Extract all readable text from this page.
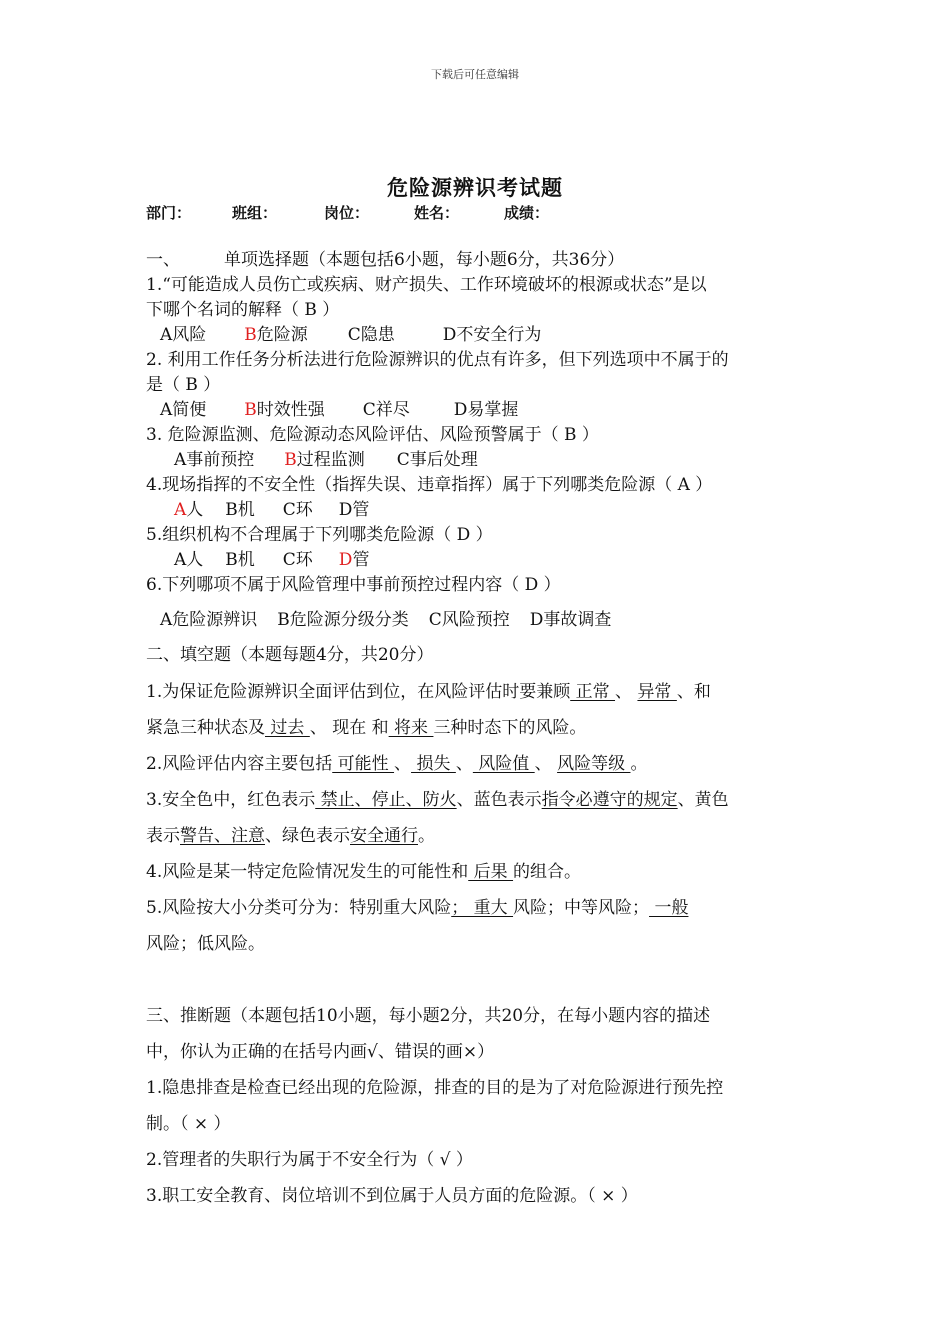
下载后可任意编辑
危险源辨识考试题
部门：	班组：	岗位：	姓名：	成绩：
一、	单项选择题（本题包括6小题，每小题6分，共36分）
1.“可能造成人员伤亡或疾病、财产损失、工作环境破坏的根源或状态”是以
下哪个名词的解释（ B ）
A风险 B危险源 C隐患	D不安全行为
2. 利用工作任务分析法进行危险源辨识的优点有许多，但下列选项中不属于的
是（ B ）
A简便 B时效性强 C祥尽	D易掌握
3. 危险源监测、危险源动态风险评估、风险预警属于（ B ）
A事前预控 B过程监测 C事后处理
4.现场指挥的不安全性（指挥失误、违章指挥）属于下列哪类危险源（ A ）
A人 B机 C环 D管
5.组织机构不合理属于下列哪类危险源（ D ）
A人 B机 C环 D管
6.下列哪项不属于风险管理中事前预控过程内容（ D ）
A危险源辨识 B危险源分级分类 C风险预控 D事故调查
二、填空题（本题每题4分，共20分）
1.为保证危险源辨识全面评估到位，在风险评估时要兼顾 正常 、 异常 、和
紧急三种状态及 过去 、 现在 和 将来 三种时态下的风险。
2.风险评估内容主要包括 可能性 、 损失 、 风险值 、 风险等级 。
3.安全色中，红色表示 禁止、停止、防火、蓝色表示指令必遵守的规定、黄色
表示警告、注意、绿色表示安全通行。
4.风险是某一特定危险情况发生的可能性和 后果 的组合。
5.风险按大小分类可分为：特别重大风险； 重大 风险；中等风险； 一般
风险；低风险。
三、推断题（本题包括10小题，每小题2分，共20分，在每小题内容的描述
中，你认为正确的在括号内画√、错误的画×）
1.隐患排查是检查已经出现的危险源，排查的目的是为了对危险源进行预先控
制。（ × ）
2.管理者的失职行为属于不安全行为（ √ ）
3.职工安全教育、岗位培训不到位属于人员方面的危险源。（ × ）
